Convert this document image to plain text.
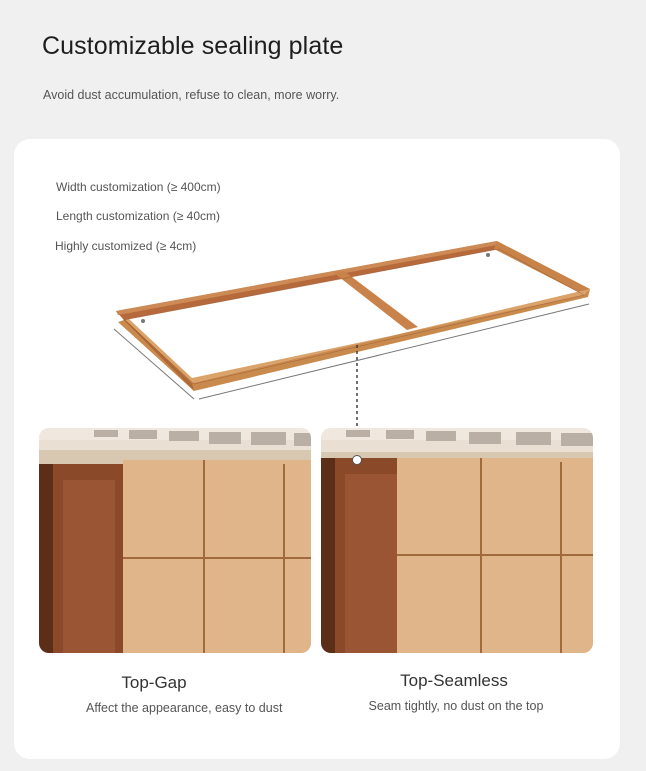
Customizable sealing plate
Avoid dust accumulation, refuse to clean, more worry.
Width customization (≥ 400cm)
Length customization (≥ 40cm)
Highly customized (≥ 4cm)
Top-Gap
Affect the appearance, easy to dust
Top-Seamless
Seam tightly, no dust on the top
